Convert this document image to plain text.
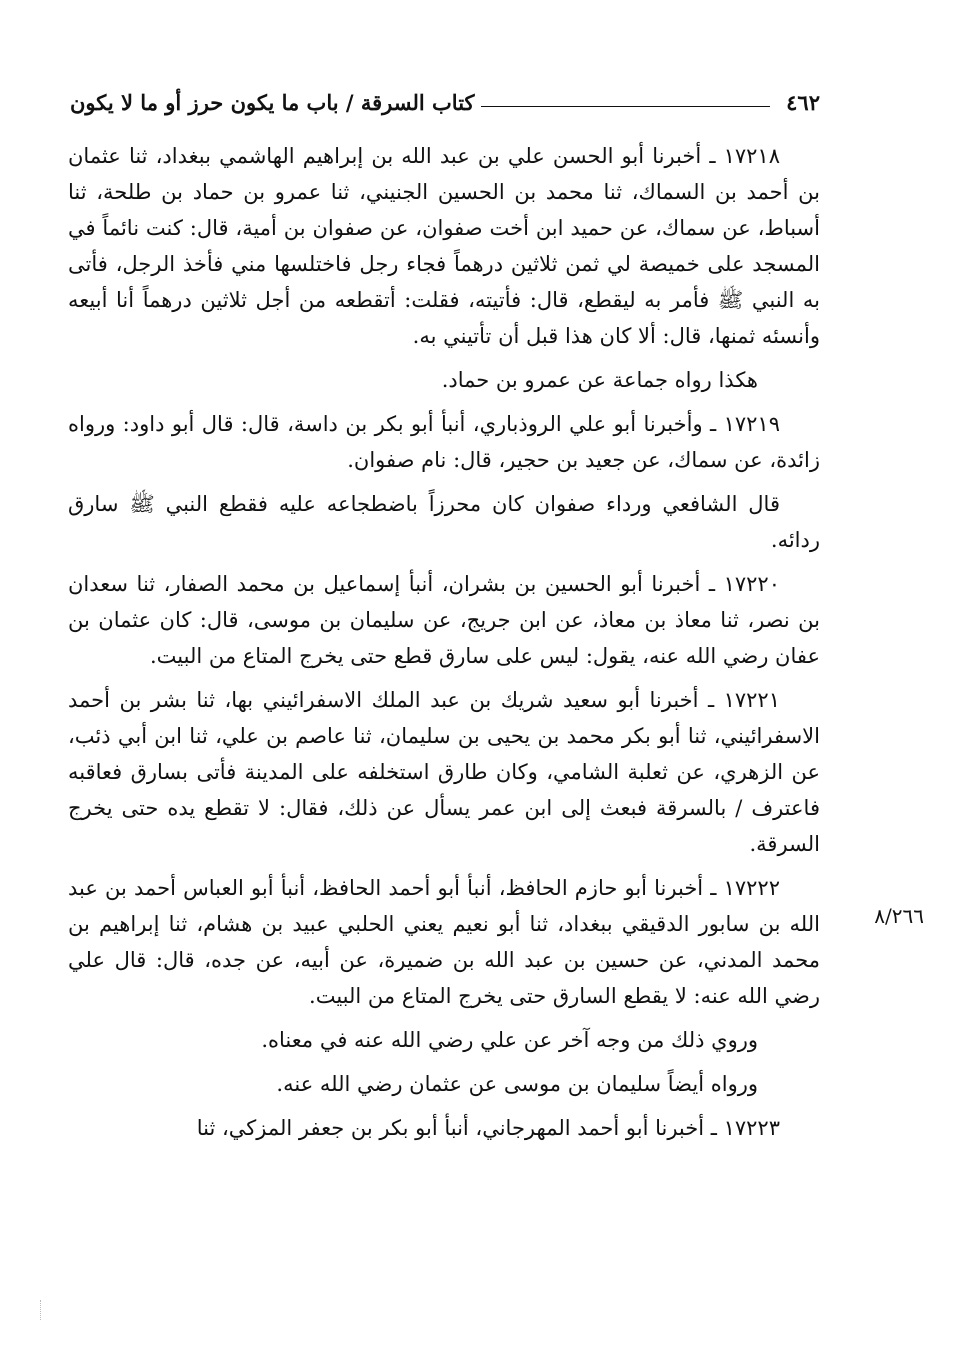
٤٦٢
كتاب السرقة / باب ما يكون حرز أو ما لا يكون

١٧٢١٨ ـ أخبرنا أبو الحسن علي بن عبد الله بن إبراهيم الهاشمي ببغداد، ثنا عثمان بن أحمد بن السماك، ثنا محمد بن الحسين الجنيني، ثنا عمرو بن حماد بن طلحة، ثنا أسباط، عن سماك، عن حميد ابن أخت صفوان، عن صفوان بن أمية، قال: كنت نائماً في المسجد على خميصة لي ثمن ثلاثين درهماً فجاء رجل فاختلسها مني فأخذ الرجل، فأتى به النبي ﷺ فأمر به ليقطع، قال: فأتيته، فقلت: أتقطعه من أجل ثلاثين درهماً أنا أبيعه وأنسئه ثمنها، قال: ألا كان هذا قبل أن تأتيني به.

هكذا رواه جماعة عن عمرو بن حماد.

١٧٢١٩ ـ وأخبرنا أبو علي الروذباري، أنبأ أبو بكر بن داسة، قال: قال أبو داود: ورواه زائدة، عن سماك، عن جعيد بن حجير، قال: نام صفوان.

قال الشافعي ورداء صفوان كان محرزاً باضطجاعه عليه فقطع النبي ﷺ سارق ردائه.

١٧٢٢٠ ـ أخبرنا أبو الحسين بن بشران، أنبأ إسماعيل بن محمد الصفار، ثنا سعدان بن نصر، ثنا معاذ بن معاذ، عن ابن جريج، عن سليمان بن موسى، قال: كان عثمان بن عفان رضي الله عنه، يقول: ليس على سارق قطع حتى يخرج المتاع من البيت.

١٧٢٢١ ـ أخبرنا أبو سعيد شريك بن عبد الملك الاسفرائيني بها، ثنا بشر بن أحمد الاسفرائيني، ثنا أبو بكر محمد بن يحيى بن سليمان، ثنا عاصم بن علي، ثنا ابن أبي ذئب، عن الزهري، عن ثعلبة الشامي، وكان طارق استخلفه على المدينة فأتى بسارق فعاقبه فاعترف / بالسرقة فبعث إلى ابن عمر يسأل عن ذلك، فقال: لا تقطع يده حتى يخرج السرقة.

١٧٢٢٢ ـ أخبرنا أبو حازم الحافظ، أنبأ أبو أحمد الحافظ، أنبأ أبو العباس أحمد بن عبد الله بن سابور الدقيقي ببغداد، ثنا أبو نعيم يعني الحلبي عبيد بن هشام، ثنا إبراهيم بن محمد المدني، عن حسين بن عبد الله بن ضميرة، عن أبيه، عن جده، قال: قال علي رضي الله عنه: لا يقطع السارق حتى يخرج المتاع من البيت.

وروي ذلك من وجه آخر عن علي رضي الله عنه في معناه.

ورواه أيضاً سليمان بن موسى عن عثمان رضي الله عنه.

١٧٢٢٣ ـ أخبرنا أبو أحمد المهرجاني، أنبأ أبو بكر بن جعفر المزكي، ثنا

٨/٢٦٦
